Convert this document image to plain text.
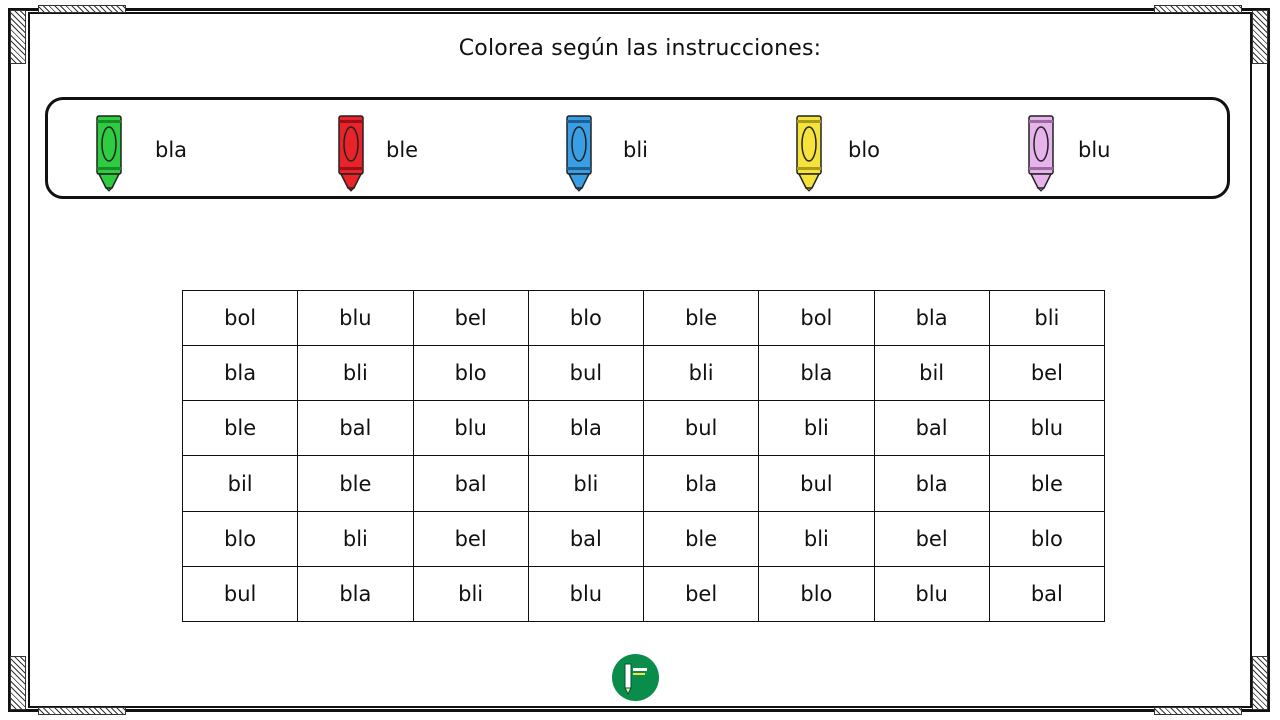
Colorea según las instrucciones:
bla	ble	bli	blo	blu
bol	blu	bel	blo	ble	bol	bla	bli
bla	bli	blo	bul	bli	bla	bil	bel
ble	bal	blu	bla	bul	bli	bal	blu
bil	ble	bal	bli	bla	bul	bla	ble
blo	bli	bel	bal	ble	bli	bel	blo
bul	bla	bli	blu	bel	blo	blu	bal
